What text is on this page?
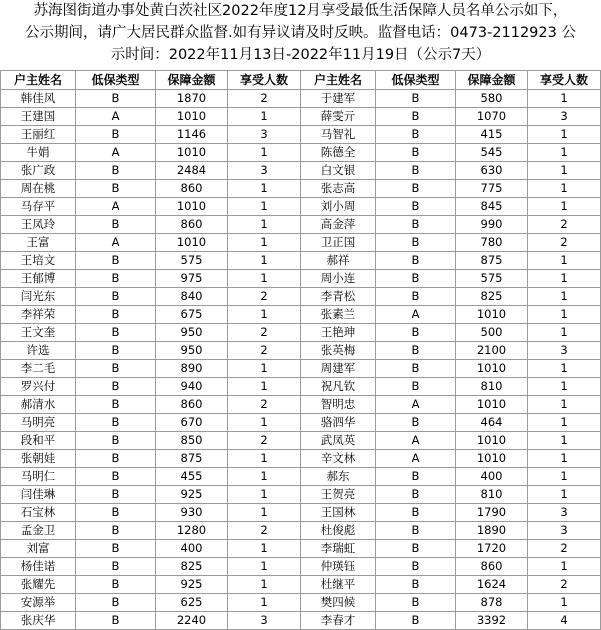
苏海图街道办事处黄白茨社区2022年度12月享受最低生活保障人员名单公示如下，
公示期间，请广大居民群众监督.如有异议请及时反映。监督电话：0473-2112923 公
示时间：2022年11月13日-2022年11月19日（公示7天）
户主姓名	低保类型	保障金额	享受人数	户主姓名	低保类型	保障金额	享受人数
韩佳风	B	1870	2	于建军	B	580	1
王建国	A	1010	1	薛雯亓	B	1070	3
王丽红	B	1146	3	马智礼	B	415	1
牛娟	A	1010	1	陈德全	B	545	1
张广政	B	2484	3	白文银	B	630	1
周在桃	B	860	1	张志高	B	775	1
马存平	A	1010	1	刘小周	B	845	1
王凤玲	B	860	1	高金萍	B	990	2
王富	A	1010	1	卫正国	B	780	2
王培文	B	575	1	郝祥	B	875	1
王郁博	B	975	1	周小连	B	575	1
闫光东	B	840	2	李青松	B	825	1
李祥荣	B	675	1	张素兰	A	1010	1
王文奎	B	950	2	王艳珅	B	500	1
许选	B	950	2	张英梅	B	2100	3
李二毛	B	890	1	周建军	B	1010	1
罗兴付	B	940	1	祝凡钦	B	810	1
郝清水	B	860	2	智明忠	A	1010	1
马明亮	B	670	1	骆泗华	B	464	1
段和平	B	850	2	武凤英	A	1010	1
张朝娃	B	875	1	辛文林	A	1010	1
马明仁	B	455	1	郝东	B	400	1
闫佳琳	B	925	1	王贺亮	B	810	1
石宝林	B	930	1	王国林	B	1790	3
孟金卫	B	1280	2	杜俊彪	B	1890	3
刘富	B	400	1	李瑞虹	B	1720	2
杨佳诺	B	825	1	仲瑛钰	B	860	1
张耀先	B	925	1	杜继平	B	1624	2
安源举	B	625	1	樊四候	B	878	1
张庆华	B	2240	3	李春才	B	3392	4
